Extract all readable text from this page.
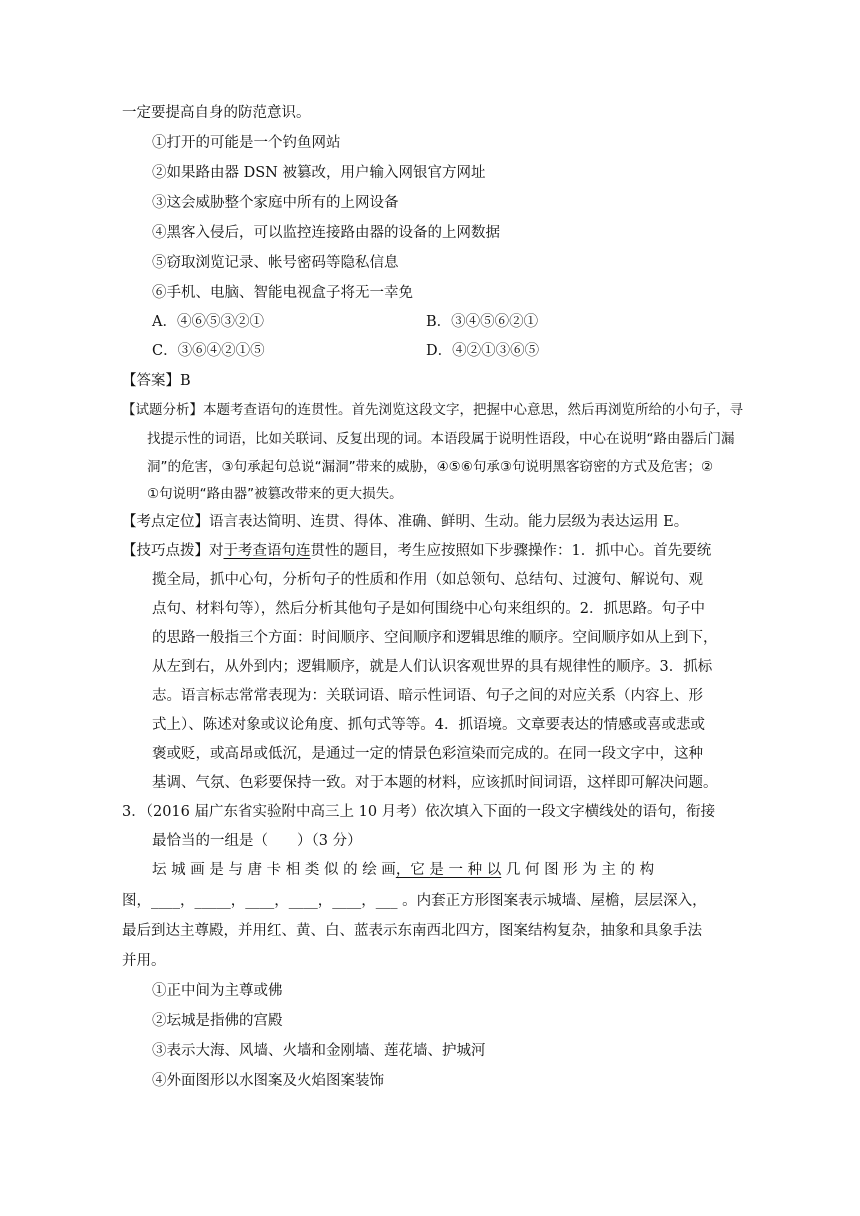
一定要提高自身的防范意识。
①打开的可能是一个钓鱼网站
②如果路由器 DSN 被篡改，用户输入网银官方网址
③这会威胁整个家庭中所有的上网设备
④黑客入侵后，可以监控连接路由器的设备的上网数据
⑤窃取浏览记录、帐号密码等隐私信息
⑥手机、电脑、智能电视盒子将无一幸免
A．④⑥⑤③②①	B．③④⑤⑥②①
C．③⑥④②①⑤	D．④②①③⑥⑤
【答案】B
【试题分析】本题考查语句的连贯性。首先浏览这段文字，把握中心意思，然后再浏览所给的小句子，寻
找提示性的词语，比如关联词、反复出现的词。本语段属于说明性语段，中心在说明“路由器后门漏
洞”的危害，③句承起句总说“漏洞”带来的威胁，④⑤⑥句承③句说明黑客窃密的方式及危害；②
①句说明“路由器”被篡改带来的更大损失。
【考点定位】语言表达简明、连贯、得体、准确、鲜明、生动。能力层级为表达运用 E。
【技巧点拨】对于考查语句连贯性的题目，考生应按照如下步骤操作：1．抓中心。首先要统
揽全局，抓中心句，分析句子的性质和作用（如总领句、总结句、过渡句、解说句、观
点句、材料句等），然后分析其他句子是如何围绕中心句来组织的。2．抓思路。句子中
的思路一般指三个方面：时间顺序、空间顺序和逻辑思维的顺序。空间顺序如从上到下，
从左到右，从外到内；逻辑顺序，就是人们认识客观世界的具有规律性的顺序。3．抓标
志。语言标志常常表现为：关联词语、暗示性词语、句子之间的对应关系（内容上、形
式上）、陈述对象或议论角度、抓句式等等。4．抓语境。文章要表达的情感或喜或悲或
褒或贬，或高昂或低沉，是通过一定的情景色彩渲染而完成的。在同一段文字中，这种
基调、气氛、色彩要保持一致。对于本题的材料，应该抓时间词语，这样即可解决问题。
3．（2016 届广东省实验附中高三上 10 月考）依次填入下面的一段文字横线处的语句，衔接
最恰当的一组是（　　）（3 分）
坛 城 画 是 与 唐 卡 相 类 似 的 绘 画，它 是 一 种 以 几 何 图 形 为 主 的 构
图，____，_____，____，____，____，___ 。内套正方形图案表示城墙、屋檐，层层深入，
最后到达主尊殿，并用红、黄、白、蓝表示东南西北四方，图案结构复杂，抽象和具象手法
并用。
①正中间为主尊或佛
②坛城是指佛的宫殿
③表示大海、风墙、火墙和金刚墙、莲花墙、护城河
④外面图形以水图案及火焰图案装饰
